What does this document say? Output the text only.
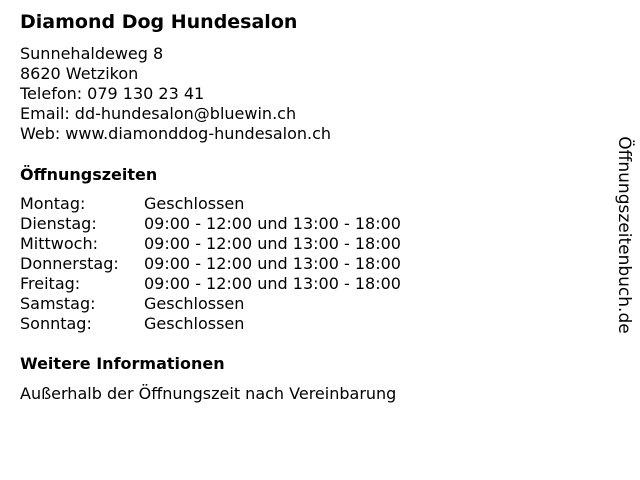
Diamond Dog Hundesalon
Sunnehaldeweg 8
8620 Wetzikon
Telefon: 079 130 23 41
Email: dd-hundesalon@bluewin.ch
Web: www.diamonddog-hundesalon.ch
Öffnungszeiten
Montag:	Geschlossen
Dienstag:	09:00 - 12:00 und 13:00 - 18:00
Mittwoch:	09:00 - 12:00 und 13:00 - 18:00
Donnerstag:	09:00 - 12:00 und 13:00 - 18:00
Freitag:	09:00 - 12:00 und 13:00 - 18:00
Samstag:	Geschlossen
Sonntag:	Geschlossen
Weitere Informationen
Außerhalb der Öffnungszeit nach Vereinbarung
Öffnungszeitenbuch.de
